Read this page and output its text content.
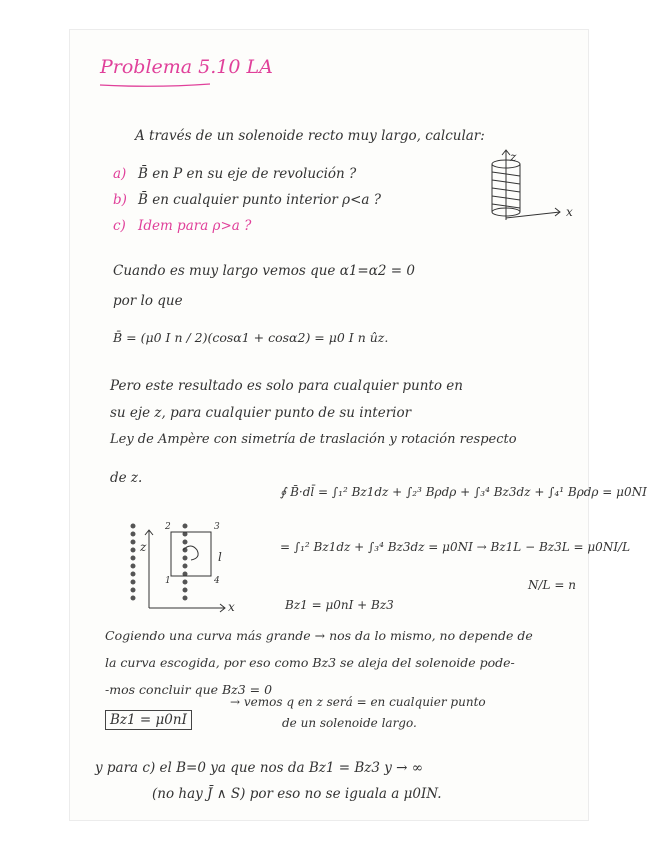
Problema 5.10 LA
A través de un solenoide recto muy largo, calcular:
a) B̄ en P en su eje de revolución ?
b) B̄ en cualquier punto interior ρ<a ?
c) Idem para ρ>a ?
z
x
Cuando es muy largo vemos que α1=α2 = 0
por lo que
B̄ = (μ0 I n / 2)(cosα1 + cosα2) = μ0 I n ûz.
Pero este resultado es solo para cualquier punto en
su eje z, para cualquier punto de su interior
Ley de Ampère con simetría de traslación y rotación respecto
de z.
∮ B̄·dl̄ = ∫₁² Bz1dz + ∫₂³ Bρdρ + ∫₃⁴ Bz3dz + ∫₄¹ Bρdρ = μ0NI
= ∫₁² Bz1dz + ∫₃⁴ Bz3dz = μ0NI → Bz1L − Bz3L = μ0NI/L
N/L = n
Bz1 = μ0nI + Bz3
z
x
l
2
1
3
4
Cogiendo una curva más grande → nos da lo mismo, no depende de
la curva escogida, por eso como Bz3 se aleja del solenoide pode-
-mos concluir que Bz3 = 0
Bz1 = μ0nI
→ vemos q en z será = en cualquier punto
de un solenoide largo.
y para c) el B=0 ya que nos da Bz1 = Bz3 y → ∞
(no hay J̄ ∧ S) por eso no se iguala a μ0IN.
